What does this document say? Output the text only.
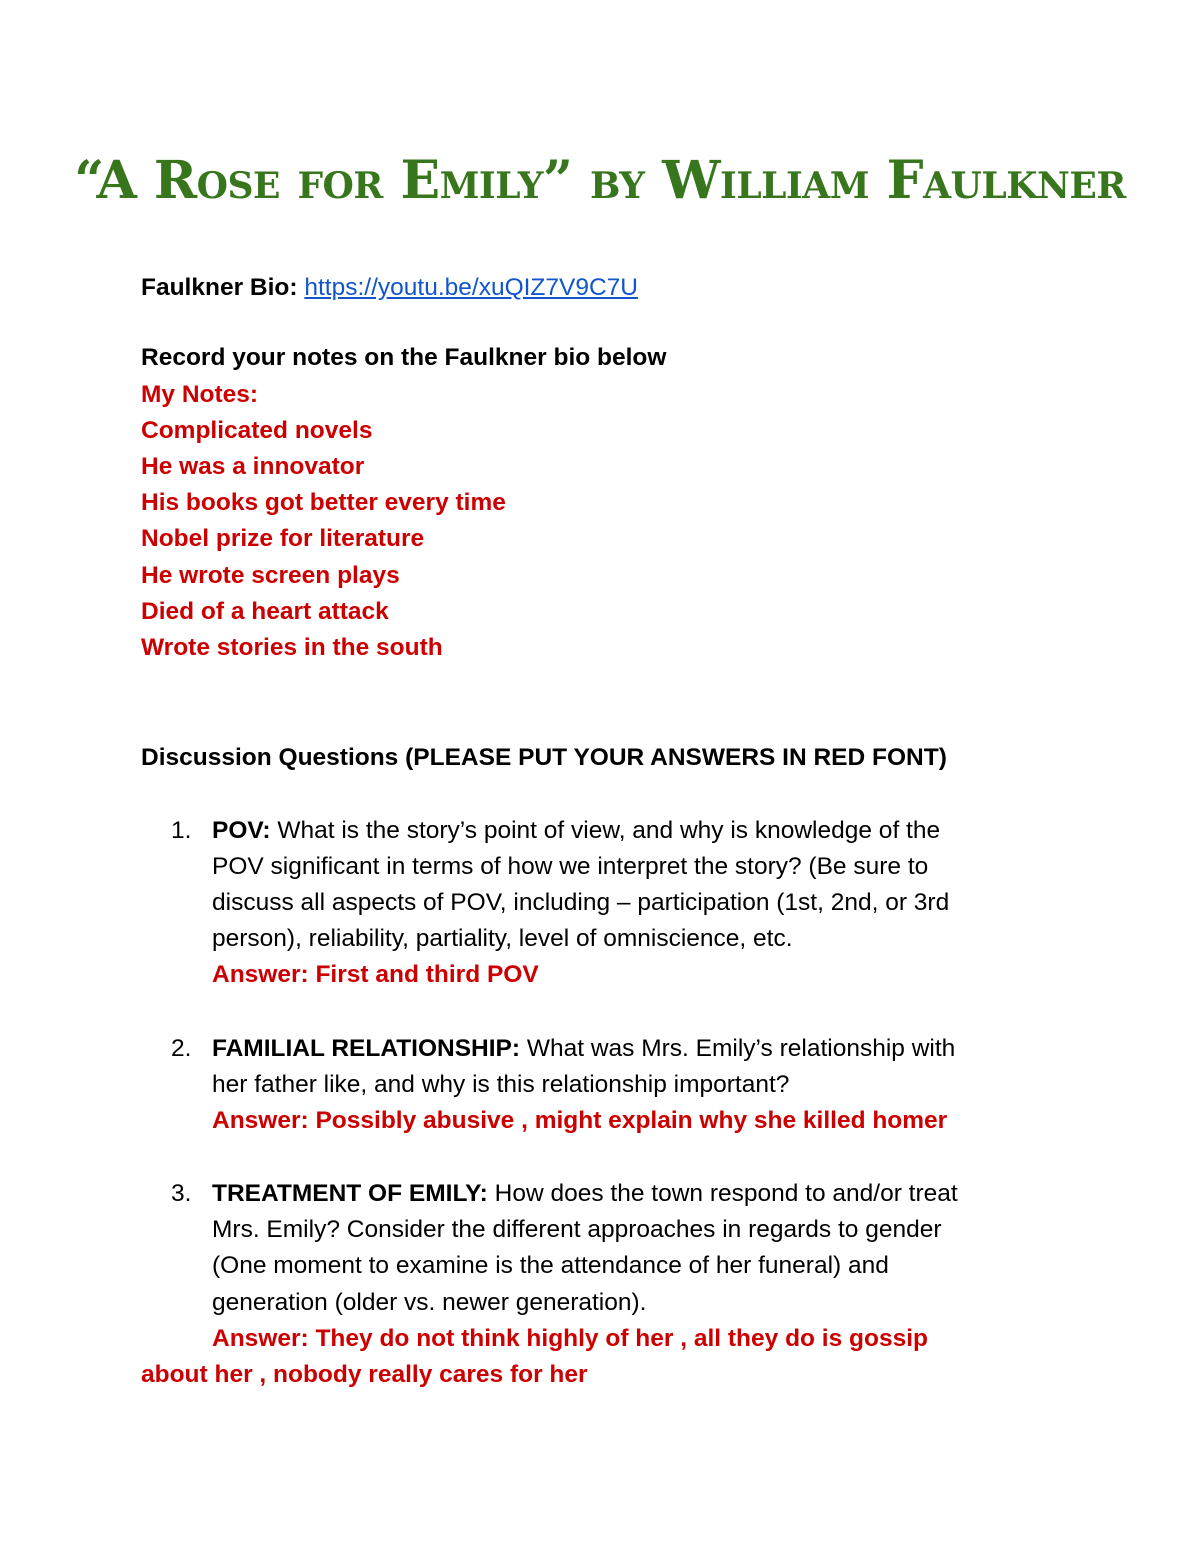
“A Rose for Emily” by William Faulkner
Faulkner Bio: https://youtu.be/xuQIZ7V9C7U
Record your notes on the Faulkner bio below
My Notes:
Complicated novels
He was a innovator
His books got better every time
Nobel prize for literature
He wrote screen plays
Died of a heart attack
Wrote stories in the south
Discussion Questions (PLEASE PUT YOUR ANSWERS IN RED FONT)
1. POV: What is the story’s point of view, and why is knowledge of the
POV significant in terms of how we interpret the story? (Be sure to
discuss all aspects of POV, including – participation (1st, 2nd, or 3rd
person), reliability, partiality, level of omniscience, etc.
Answer: First and third POV
2. FAMILIAL RELATIONSHIP: What was Mrs. Emily’s relationship with
her father like, and why is this relationship important?
Answer: Possibly abusive , might explain why she killed homer
3. TREATMENT OF EMILY: How does the town respond to and/or treat
Mrs. Emily? Consider the different approaches in regards to gender
(One moment to examine is the attendance of her funeral) and
generation (older vs. newer generation).
Answer: They do not think highly of her , all they do is gossip
about her , nobody really cares for her
